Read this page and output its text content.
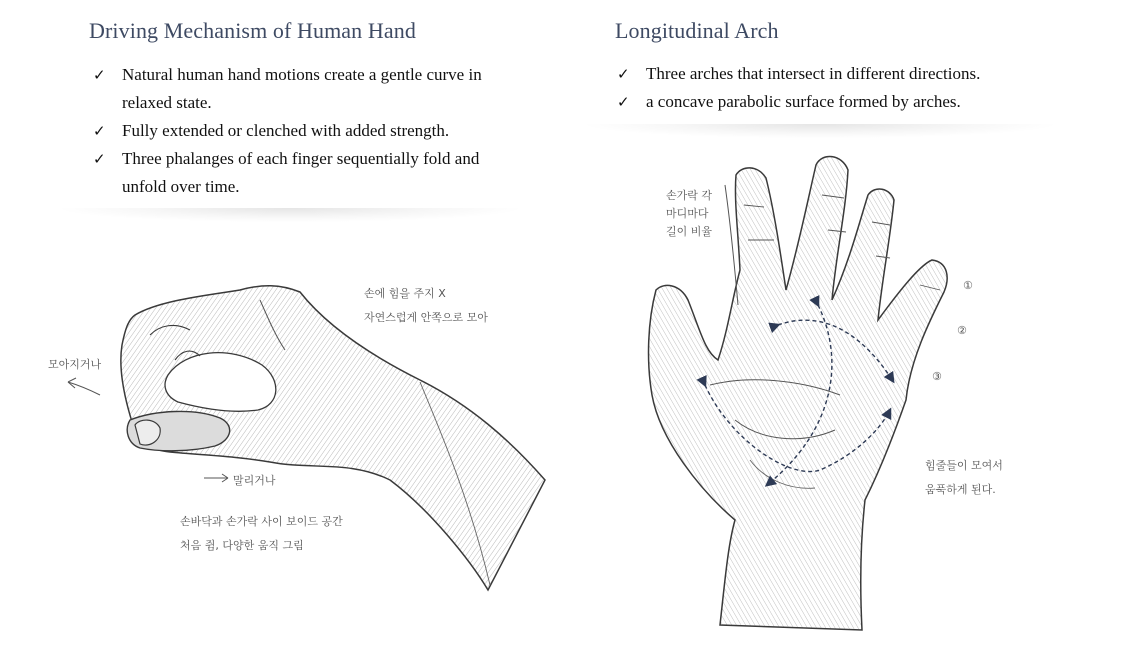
Driving Mechanism of Human Hand
✓ Natural human hand motions create a gentle curve in relaxed state.
✓ Fully extended or clenched with added strength.
✓ Three phalanges of each finger sequentially fold and unfold over time.
손에 힘을 주지 X
자연스럽게 안쪽으로 모아
모아지거나
말리거나
손바닥과 손가락 사이 보이드 공간
처음 쥠, 다양한 움직 그림
Longitudinal Arch
✓ Three arches that intersect in different directions.
✓ a concave parabolic surface formed by arches.
손가락 각
마디마다
길이 비율
①
②
③
힘줄들이 모여서
움푹하게 된다.
